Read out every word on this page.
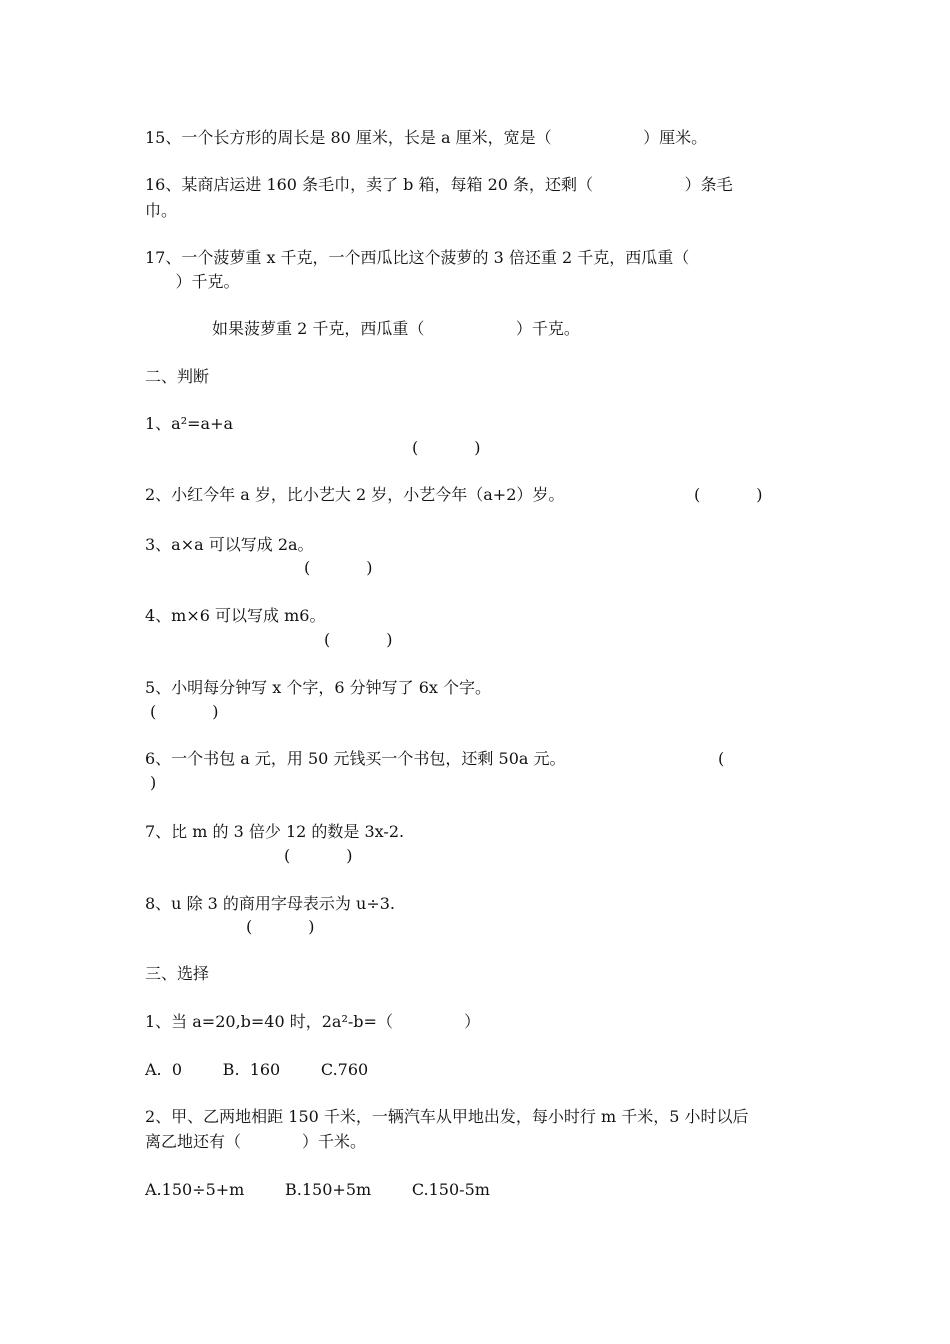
15、一个长方形的周长是 80 厘米，长是 a 厘米，宽是（                  ）厘米。
16、某商店运进 160 条毛巾，卖了 b 箱，每箱 20 条，还剩（                  ）条毛
巾。
17、一个菠萝重 x 千克，一个西瓜比这个菠萝的 3 倍还重 2 千克，西瓜重（
）千克。
如果菠萝重 2 千克，西瓜重（                  ）千克。
二、判断
1、a²=a+a
(           )
2、小红今年 a 岁，比小艺大 2 岁，小艺今年（a+2）岁。	(           )
3、a×a 可以写成 2a。
(           )
4、m×6 可以写成 m6。
(           )
5、小明每分钟写 x 个字，6 分钟写了 6x 个字。
(           )
6、一个书包 a 元，用 50 元钱买一个书包，还剩 50a 元。	(
)
7、比 m 的 3 倍少 12 的数是 3x-2.
(           )
8、u 除 3 的商用字母表示为 u÷3.
(           )
三、选择
1、当 a=20,b=40 时，2a²-b=（              ）
A.  0        B.  160        C.760
2、甲、乙两地相距 150 千米，一辆汽车从甲地出发，每小时行 m 千米，5 小时以后
离乙地还有（            ）千米。
A.150÷5+m        B.150+5m        C.150-5m
